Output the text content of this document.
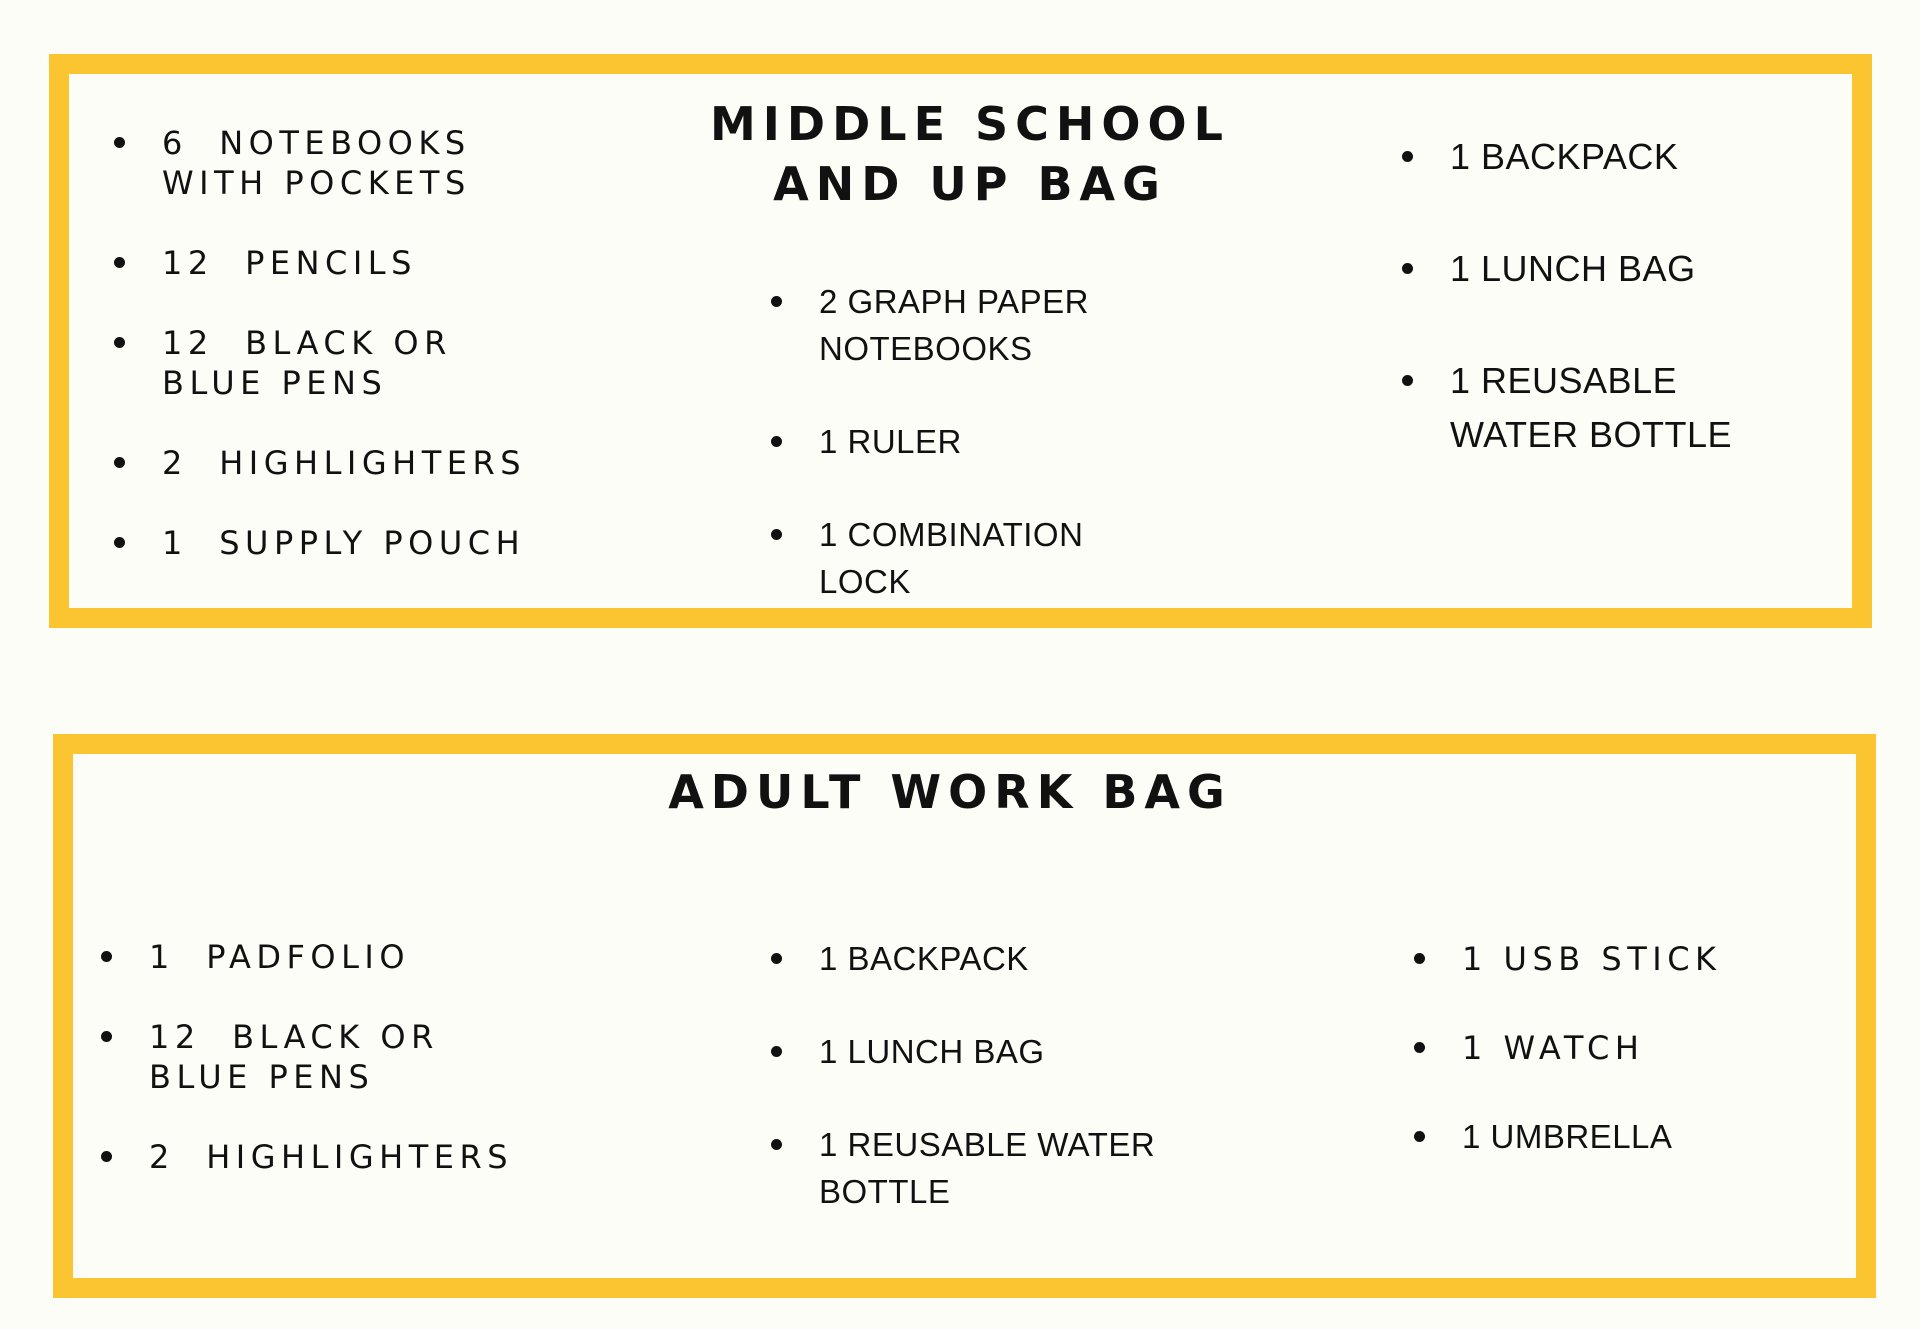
MIDDLE SCHOOL
AND UP BAG
6  NOTEBOOKS
WITH POCKETS
12  PENCILS
12  BLACK OR
BLUE PENS
2  HIGHLIGHTERS
1  SUPPLY POUCH
2 GRAPH PAPER NOTEBOOKS
1 RULER
1 COMBINATION LOCK
1 BACKPACK
1 LUNCH BAG
1 REUSABLE WATER BOTTLE
ADULT WORK BAG
1  PADFOLIO
12  BLACK OR
BLUE PENS
2  HIGHLIGHTERS
1 BACKPACK
1 LUNCH BAG
1 REUSABLE WATER BOTTLE
1 USB STICK
1 WATCH
1 UMBRELLA
